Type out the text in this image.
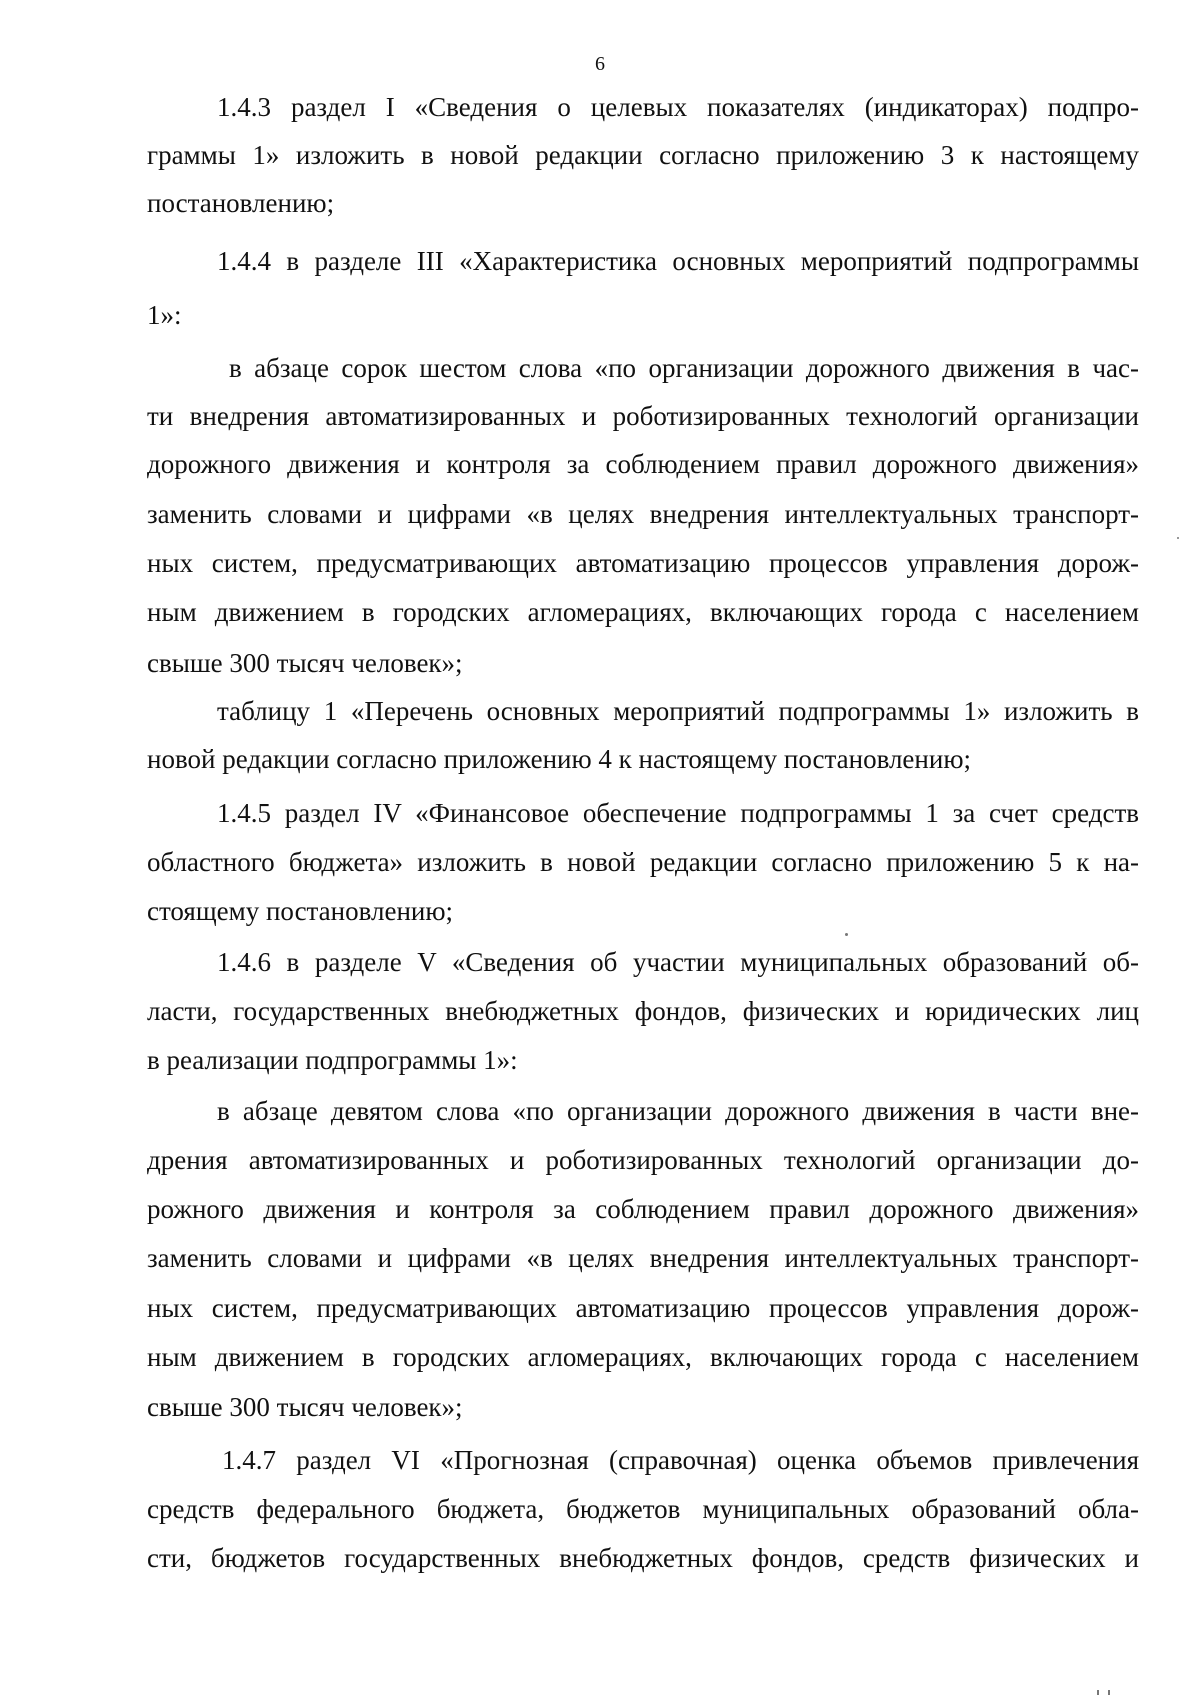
6
1.4.3 раздел I «Сведения о целевых показателях (индикаторах) подпро-
граммы 1» изложить в новой редакции согласно приложению 3 к настоящему
постановлению;
1.4.4 в разделе III «Характеристика основных мероприятий подпрограммы
1»:
в абзаце сорок шестом слова «по организации дорожного движения в час-
ти внедрения автоматизированных и роботизированных технологий организации
дорожного движения и контроля за соблюдением правил дорожного движения»
заменить словами и цифрами «в целях внедрения интеллектуальных транспорт-
ных систем, предусматривающих автоматизацию процессов управления дорож-
ным движением в городских агломерациях, включающих города с населением
свыше 300 тысяч человек»;
таблицу 1 «Перечень основных мероприятий подпрограммы 1» изложить в
новой редакции согласно приложению 4 к настоящему постановлению;
1.4.5 раздел IV «Финансовое обеспечение подпрограммы 1 за счет средств
областного бюджета» изложить в новой редакции согласно приложению 5 к на-
стоящему постановлению;
1.4.6 в разделе V «Сведения об участии муниципальных образований об-
ласти, государственных внебюджетных фондов, физических и юридических лиц
в реализации подпрограммы 1»:
в абзаце девятом слова «по организации дорожного движения в части вне-
дрения автоматизированных и роботизированных технологий организации до-
рожного движения и контроля за соблюдением правил дорожного движения»
заменить словами и цифрами «в целях внедрения интеллектуальных транспорт-
ных систем, предусматривающих автоматизацию процессов управления дорож-
ным движением в городских агломерациях, включающих города с населением
свыше 300 тысяч человек»;
1.4.7 раздел VI «Прогнозная (справочная) оценка объемов привлечения
средств федерального бюджета, бюджетов муниципальных образований обла-
сти, бюджетов государственных внебюджетных фондов, средств физических и
